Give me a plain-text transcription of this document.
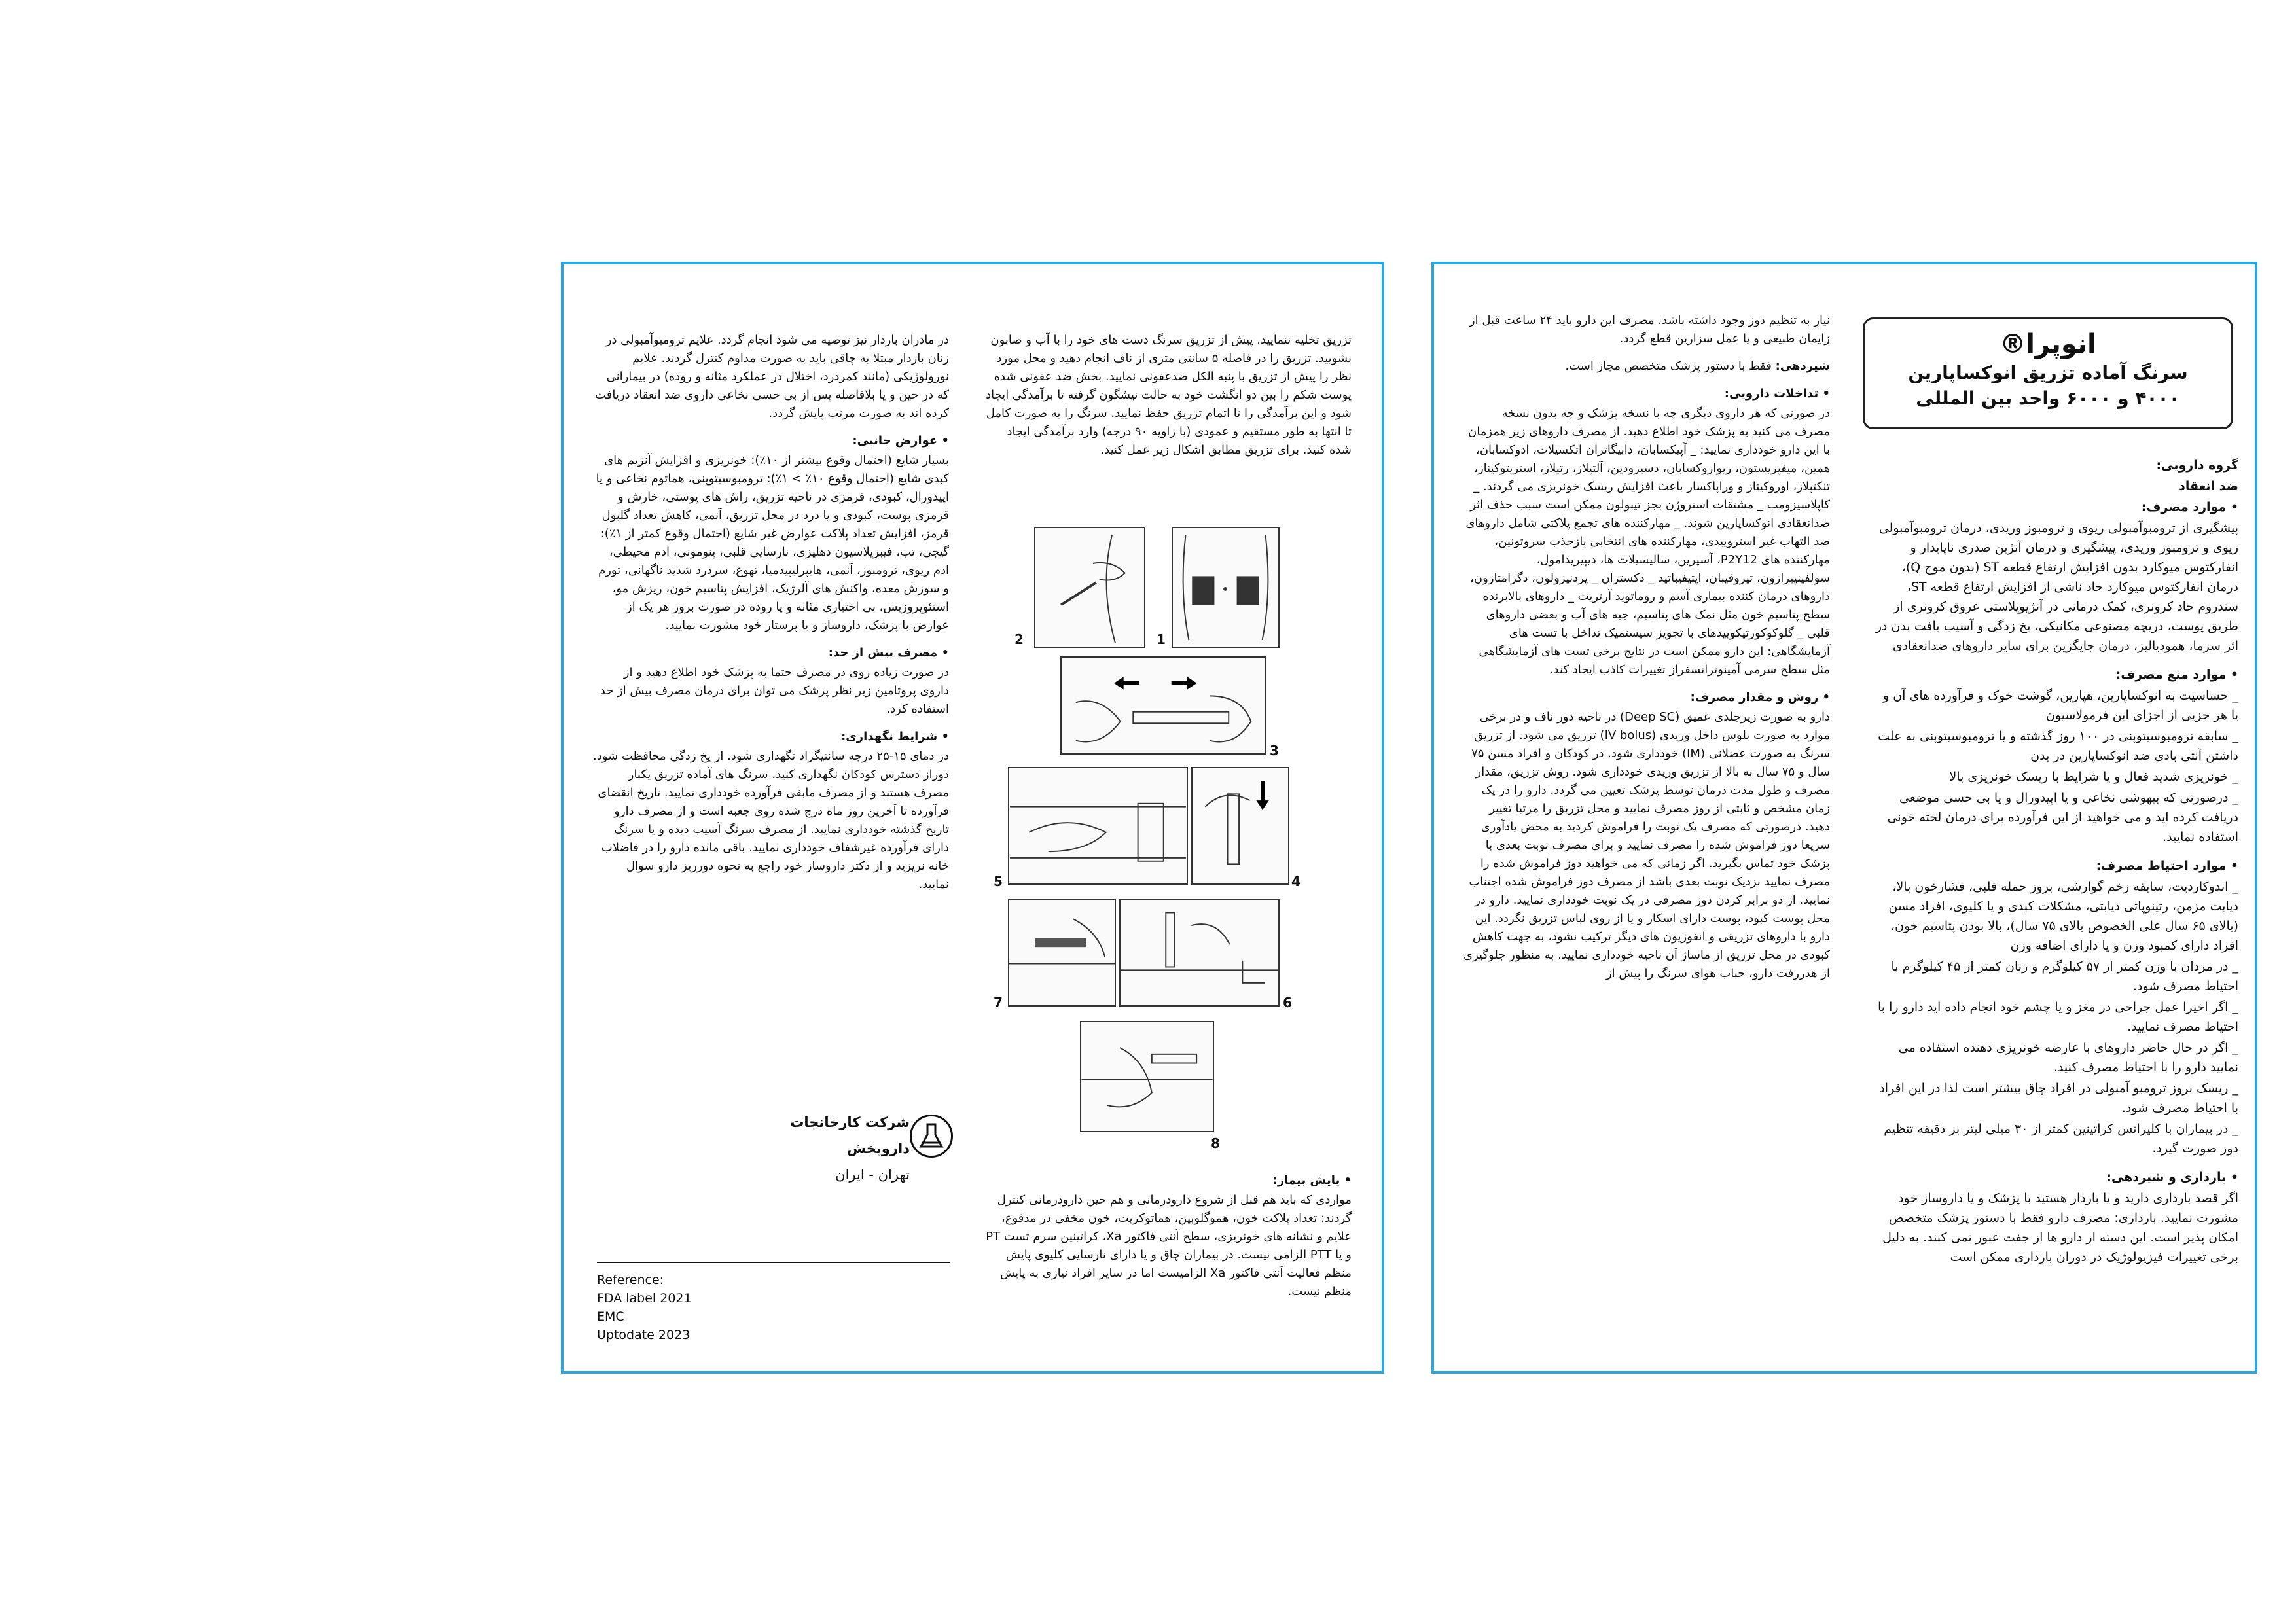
انوپرا®
سرنگ آماده تزریق انوکساپارین
۴۰۰۰ و ۶۰۰۰ واحد بین المللی

گروه دارویی:

ضد انعقاد

• موارد مصرف:

پیشگیری از ترومبوآمبولی ریوی و ترومبوز وریدی، درمان ترومبوآمبولی ریوی و ترومبوز وریدی، پیشگیری و درمان آنژین صدری ناپایدار و انفارکتوس میوکارد بدون افزایش ارتفاع قطعه ST (بدون موج Q)، درمان انفارکتوس میوکارد حاد ناشی از افزایش ارتفاع قطعه ST، سندروم حاد کرونری، کمک درمانی در آنژیوپلاستی عروق کرونری از طریق پوست، دریچه مصنوعی مکانیکی، یخ زدگی و آسیب بافت بدن در اثر سرما، همودیالیز، درمان جایگزین برای سایر داروهای ضدانعقادی

• موارد منع مصرف:

_ حساسیت به انوکساپارین، هپارین، گوشت خوک و فرآورده های آن و یا هر جزیی از اجزای این فرمولاسیون

_ سابقه ترومبوسیتوپنی در ۱۰۰ روز گذشته و یا ترومبوسیتوپنی به علت داشتن آنتی بادی ضد انوکساپارین در بدن

_ خونریزی شدید فعال و یا شرایط با ریسک خونریزی بالا

_ درصورتی که بیهوشی نخاعی و یا اپیدورال و یا بی حسی موضعی دریافت کرده اید و می خواهید از این فرآورده برای درمان لخته خونی استفاده نمایید.

• موارد احتیاط مصرف:

_ اندوکاردیت، سابقه زخم گوارشی، بروز حمله قلبی، فشارخون بالا، دیابت مزمن، رتینوپاتی دیابتی، مشکلات کبدی و یا کلیوی، افراد مسن (بالای ۶۵ سال علی الخصوص بالای ۷۵ سال)، بالا بودن پتاسیم خون، افراد دارای کمبود وزن و یا دارای اضافه وزن

_ در مردان با وزن کمتر از ۵۷ کیلوگرم و زنان کمتر از ۴۵ کیلوگرم با احتیاط مصرف شود.

_ اگر اخیرا عمل جراحی در مغز و یا چشم خود انجام داده اید دارو را با احتیاط مصرف نمایید.

_ اگر در حال حاضر داروهای با عارضه خونریزی دهنده استفاده می نمایید دارو را با احتیاط مصرف کنید.

_ ریسک بروز ترومبو آمبولی در افراد چاق بیشتر است لذا در این افراد با احتیاط مصرف شود.

_ در بیماران با کلیرانس کراتینین کمتر از ۳۰ میلی لیتر بر دقیقه تنظیم دوز صورت گیرد.

• بارداری و شیردهی:

اگر قصد بارداری دارید و یا باردار هستید با پزشک و یا داروساز خود مشورت نمایید. بارداری: مصرف دارو فقط با دستور پزشک متخصص امکان پذیر است. این دسته از دارو ها از جفت عبور نمی کنند. به دلیل برخی تغییرات فیزیولوژیک در دوران بارداری ممکن است

نیاز به تنظیم دوز وجود داشته باشد. مصرف این دارو باید ۲۴ ساعت قبل از زایمان طبیعی و یا عمل سزارین قطع گردد.

شیردهی: فقط با دستور پزشک متخصص مجاز است.

• تداخلات دارویی:

در صورتی که هر داروی دیگری چه با نسخه پزشک و چه بدون نسخه مصرف می کنید به پزشک خود اطلاع دهید. از مصرف داروهای زیر همزمان با این دارو خودداری نمایید: _ آپیکسابان، دابیگاتران اتکسیلات، ادوکسابان، همین، میفپریستون، ریواروکسابان، دسیرودین، آلتپلاز، رتپلاز، استرپتوکیناز، تنکتپلاز، اوروکیناز و وراپاکسار باعث افزایش ریسک خونریزی می گردند. _ کاپلاسیزومب _ مشتقات استروژن بجز تیبولون ممکن است سبب حذف اثر ضدانعقادی انوکساپارین شوند. _ مهارکننده های تجمع پلاکتی شامل داروهای ضد التهاب غیر استروییدی، مهارکننده های انتخابی بازجذب سروتونین، مهارکننده های P2Y12، آسپرین، سالیسیلات ها، دیپیریدامول، سولفینپیرازون، تیروفیبان، اپتیفیباتید _ دکستران _ پردنیزولون، دگزامتازون، داروهای درمان کننده بیماری آسم و روماتوید آرتریت _ داروهای بالابرنده سطح پتاسیم خون مثل نمک های پتاسیم، جبه های آب و بعضی داروهای قلبی _ گلوکوکورتیکوییدهای با تجویز سیستمیک تداخل با تست های آزمایشگاهی: این دارو ممکن است در نتایج برخی تست های آزمایشگاهی مثل سطح سرمی آمینوترانسفراز تغییرات کاذب ایجاد کند.

• روش و مقدار مصرف:

دارو به صورت زیرجلدی عمیق (Deep SC) در ناحیه دور ناف و در برخی موارد به صورت بلوس داخل وریدی (IV bolus) تزریق می شود. از تزریق سرنگ به صورت عضلانی (IM) خودداری شود. در کودکان و افراد مسن ۷۵ سال و ۷۵ سال به بالا از تزریق وریدی خودداری شود. روش تزریق، مقدار مصرف و طول مدت درمان توسط پزشک تعیین می گردد. دارو را در یک زمان مشخص و ثابتی از روز مصرف نمایید و محل تزریق را مرتبا تغییر دهید. درصورتی که مصرف یک نوبت را فراموش کردید به محض یادآوری سریعا دوز فراموش شده را مصرف نمایید و برای مصرف نوبت بعدی با پزشک خود تماس بگیرید. اگر زمانی که می خواهید دوز فراموش شده را مصرف نمایید نزدیک نوبت بعدی باشد از مصرف دوز فراموش شده اجتناب نمایید. از دو برابر کردن دوز مصرفی در یک نوبت خودداری نمایید. دارو در محل پوست کبود، پوست دارای اسکار و یا از روی لباس تزریق نگردد. این دارو با داروهای تزریقی و انفوزیون های دیگر ترکیب نشود، به جهت کاهش کبودی در محل تزریق از ماساژ آن ناحیه خودداری نمایید. به منظور جلوگیری از هدررفت دارو، حباب هوای سرنگ را پیش از

تزریق تخلیه ننمایید. پیش از تزریق سرنگ دست های خود را با آب و صابون بشویید. تزریق را در فاصله ۵ سانتی متری از ناف انجام دهید و محل مورد نظر را پیش از تزریق با پنبه الکل ضدعفونی نمایید. بخش ضد عفونی شده پوست شکم را بین دو انگشت خود به حالت نیشگون گرفته تا برآمدگی ایجاد شود و این برآمدگی را تا اتمام تزریق حفظ نمایید. سرنگ را به صورت کامل تا انتها به طور مستقیم و عمودی (با زاویه ۹۰ درجه) وارد برآمدگی ایجاد شده کنید. برای تزریق مطابق اشکال زیر عمل کنید.

1
2
3
5	4
7	6
8

• پایش بیمار:

مواردی که باید هم قبل از شروع دارودرمانی و هم حین دارودرمانی کنترل گردند: تعداد پلاکت خون، هموگلوبین، هماتوکریت، خون مخفی در مدفوع، علایم و نشانه های خونریزی، سطح آنتی فاکتور Xa، کراتینین سرم تست PT و یا PTT الزامی نیست. در بیماران چاق و یا دارای نارسایی کلیوی پایش منظم فعالیت آنتی فاکتور Xa الزامیست اما در سایر افراد نیازی به پایش منظم نیست.

در مادران باردار نیز توصیه می شود انجام گردد. علایم ترومبوآمبولی در زنان باردار مبتلا به چاقی باید به صورت مداوم کنترل گردند. علایم نورولوژیکی (مانند کمردرد، اختلال در عملکرد مثانه و روده) در بیمارانی که در حین و یا بلافاصله پس از بی حسی نخاعی داروی ضد انعقاد دریافت کرده اند به صورت مرتب پایش گردد.

• عوارض جانبی:

بسیار شایع (احتمال وقوع بیشتر از ۱۰٪): خونریزی و افزایش آنزیم های کبدی شایع (احتمال وقوع ۱۰٪ > ۱٪): ترومبوسیتوپنی، هماتوم نخاعی و یا اپیدورال، کبودی، قرمزی در ناحیه تزریق، راش های پوستی، خارش و قرمزی پوست، کبودی و یا درد در محل تزریق، آنمی، کاهش تعداد گلبول قرمز، افزایش تعداد پلاکت عوارض غیر شایع (احتمال وقوع کمتر از ۱٪): گیجی، تب، فیبریلاسیون دهلیزی، نارسایی قلبی، پنومونی، ادم محیطی، ادم ریوی، ترومبوز، آنمی، هایپرلیپیدمیا، تهوع، سردرد شدید ناگهانی، تورم و سوزش معده، واکنش های آلرژیک، افزایش پتاسیم خون، ریزش مو، استئوپروزیس، بی اختیاری مثانه و یا روده در صورت بروز هر یک از عوارض با پزشک، داروساز و یا پرستار خود مشورت نمایید.

• مصرف بیش از حد:

در صورت زیاده روی در مصرف حتما به پزشک خود اطلاع دهید و از داروی پروتامین زیر نظر پزشک می توان برای درمان مصرف بیش از حد استفاده کرد.

• شرایط نگهداری:

در دمای ۱۵-۲۵ درجه سانتیگراد نگهداری شود. از یخ زدگی محافظت شود. دوراز دسترس کودکان نگهداری کنید. سرنگ های آماده تزریق یکبار مصرف هستند و از مصرف مابقی فرآورده خودداری نمایید. تاریخ انقضای فرآورده تا آخرین روز ماه درج شده روی جعبه است و از مصرف دارو تاریخ گذشته خودداری نمایید. از مصرف سرنگ آسیب دیده و یا سرنگ دارای فرآورده غیرشفاف خودداری نمایید. باقی مانده دارو را در فاضلاب خانه نریزید و از دکتر داروساز خود راجع به نحوه دورریز دارو سوال نمایید.

شرکت کارخانجات داروپخش
تهران - ایران
Reference:
FDA label 2021
EMC
Uptodate 2023
